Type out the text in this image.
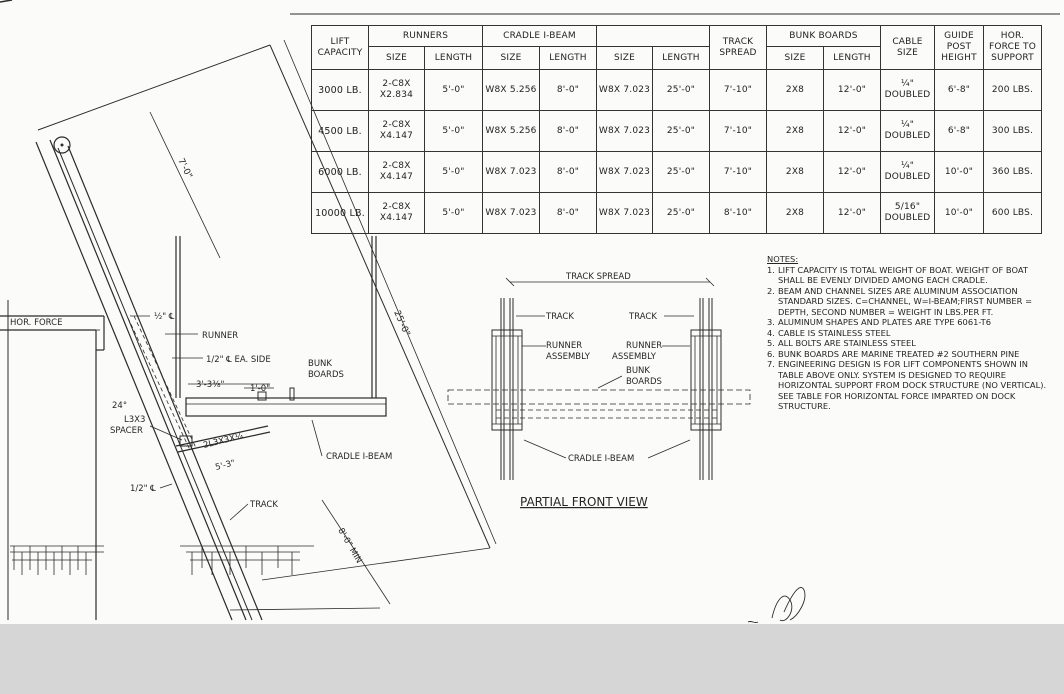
HOR. FORCE
½" ℄
RUNNER
1/2" ℄ EA. SIDE	BUNK
BOARDS
3'-3⅜"	1'-0"
24°
L3X3
SPACER
2L3X3X¼
5'-3"
CRADLE I-BEAM
1/2" ℄
TRACK
7'-0"
25'-0"
8'-0" MIN
TRACK SPREAD
TRACK	TRACK
RUNNER
ASSEMBLY
RUNNER
ASSEMBLY
BUNK
BOARDS
CRADLE I-BEAM
PARTIAL FRONT VIEW
LIFT CAPACITY	RUNNERS		CRADLE I-BEAM				TRACK SPREAD	BUNK BOARDS		CABLE SIZE	GUIDE POST HEIGHT	HOR. FORCE TO SUPPORT
	SIZE	LENGTH	SIZE	LENGTH	SIZE	LENGTH		SIZE	LENGTH			
3000 LB.	2-C8X X2.834	5'-0"	W8X 5.256	8'-0"	W8X 7.023	25'-0"	7'-10"	2X8	12'-0"	¼" DOUBLED	6'-8"	200 LBS.
4500 LB.	2-C8X X4.147	5'-0"	W8X 5.256	8'-0"	W8X 7.023	25'-0"	7'-10"	2X8	12'-0"	¼" DOUBLED	6'-8"	300 LBS.
6000 LB.	2-C8X X4.147	5'-0"	W8X 7.023	8'-0"	W8X 7.023	25'-0"	7'-10"	2X8	12'-0"	¼" DOUBLED	10'-0"	360 LBS.
10000 LB.	2-C8X X4.147	5'-0"	W8X 7.023	8'-0"	W8X 7.023	25'-0"	8'-10"	2X8	12'-0"	5/16" DOUBLED	10'-0"	600 LBS.
NOTES:
1. LIFT CAPACITY IS TOTAL WEIGHT OF BOAT. WEIGHT OF BOAT SHALL BE EVENLY DIVIDED AMONG EACH CRADLE.
2. BEAM AND CHANNEL SIZES ARE ALUMINUM ASSOCIATION STANDARD SIZES. C=CHANNEL, W=I-BEAM;FIRST NUMBER = DEPTH, SECOND NUMBER = WEIGHT IN LBS.PER FT.
3. ALUMINUM SHAPES AND PLATES ARE TYPE 6061-T6
4. CABLE IS STAINLESS STEEL
5. ALL BOLTS ARE STAINLESS STEEL
6. BUNK BOARDS ARE MARINE TREATED #2 SOUTHERN PINE
7. ENGINEERING DESIGN IS FOR LIFT COMPONENTS SHOWN IN TABLE ABOVE ONLY. SYSTEM IS DESIGNED TO REQUIRE HORIZONTAL SUPPORT FROM DOCK STRUCTURE (NO VERTICAL). SEE TABLE FOR HORIZONTAL FORCE IMPARTED ON DOCK STRUCTURE.
